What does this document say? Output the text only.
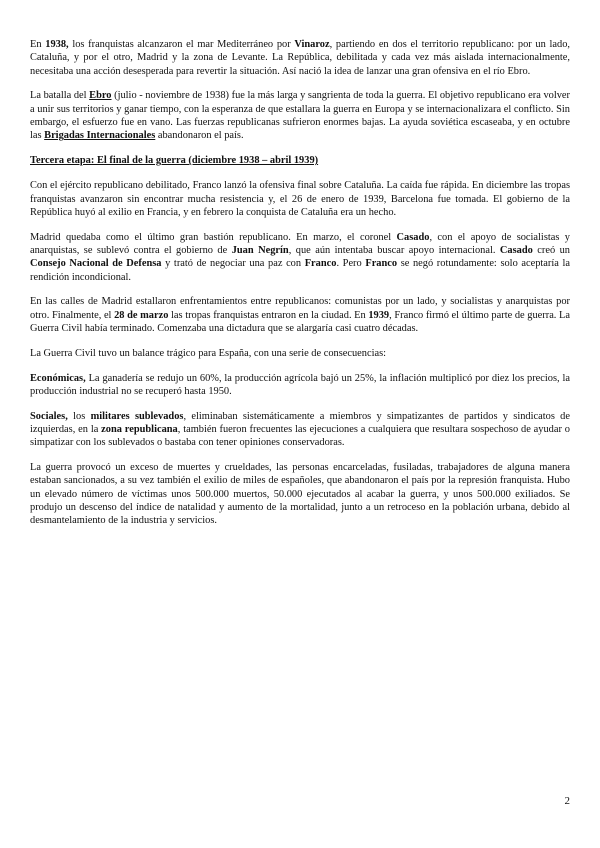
En 1938, los franquistas alcanzaron el mar Mediterráneo por Vinaroz, partiendo en dos el territorio republicano: por un lado, Cataluña, y por el otro, Madrid y la zona de Levante. La República, debilitada y cada vez más aislada internacionalmente, necesitaba una acción desesperada para revertir la situación. Así nació la idea de lanzar una gran ofensiva en el río Ebro.

La batalla del Ebro (julio - noviembre de 1938) fue la más larga y sangrienta de toda la guerra. El objetivo republicano era volver a unir sus territorios y ganar tiempo, con la esperanza de que estallara la guerra en Europa y se internacionalizara el conflicto. Sin embargo, el esfuerzo fue en vano. Las fuerzas republicanas sufrieron enormes bajas. La ayuda soviética escaseaba, y en octubre las Brigadas Internacionales abandonaron el país.

Tercera etapa: El final de la guerra (diciembre 1938 – abril 1939)

Con el ejército republicano debilitado, Franco lanzó la ofensiva final sobre Cataluña. La caída fue rápida. En diciembre las tropas franquistas avanzaron sin encontrar mucha resistencia y, el 26 de enero de 1939, Barcelona fue tomada. El gobierno de la República huyó al exilio en Francia, y en febrero la conquista de Cataluña era un hecho.

Madrid quedaba como el último gran bastión republicano. En marzo, el coronel Casado, con el apoyo de socialistas y anarquistas, se sublevó contra el gobierno de Juan Negrín, que aún intentaba buscar apoyo internacional. Casado creó un Consejo Nacional de Defensa y trató de negociar una paz con Franco. Pero Franco se negó rotundamente: solo aceptaría la rendición incondicional.

En las calles de Madrid estallaron enfrentamientos entre republicanos: comunistas por un lado, y socialistas y anarquistas por otro. Finalmente, el 28 de marzo las tropas franquistas entraron en la ciudad. En 1939, Franco firmó el último parte de guerra. La Guerra Civil había terminado. Comenzaba una dictadura que se alargaría casi cuatro décadas.

La Guerra Civil tuvo un balance trágico para España, con una serie de consecuencias:

Económicas, La ganadería se redujo un 60%, la producción agrícola bajó un 25%, la inflación multiplicó por diez los precios, la producción industrial no se recuperó hasta 1950.

Sociales, los militares sublevados, eliminaban sistemáticamente a miembros y simpatizantes de partidos y sindicatos de izquierdas, en la zona republicana, también fueron frecuentes las ejecuciones a cualquiera que resultara sospechoso de ayudar o simpatizar con los sublevados o bastaba con tener opiniones conservadoras.

La guerra provocó un exceso de muertes y crueldades, las personas encarceladas, fusiladas, trabajadores de alguna manera estaban sancionados, a su vez también el exilio de miles de españoles, que abandonaron el país por la represión franquista. Hubo un elevado número de víctimas unos 500.000 muertos, 50.000 ejecutados al acabar la guerra, y unos 500.000 exiliados. Se produjo un descenso del índice de natalidad y aumento de la mortalidad, junto a un retroceso en la población urbana, debido al desmantelamiento de la industria y servicios.

2
